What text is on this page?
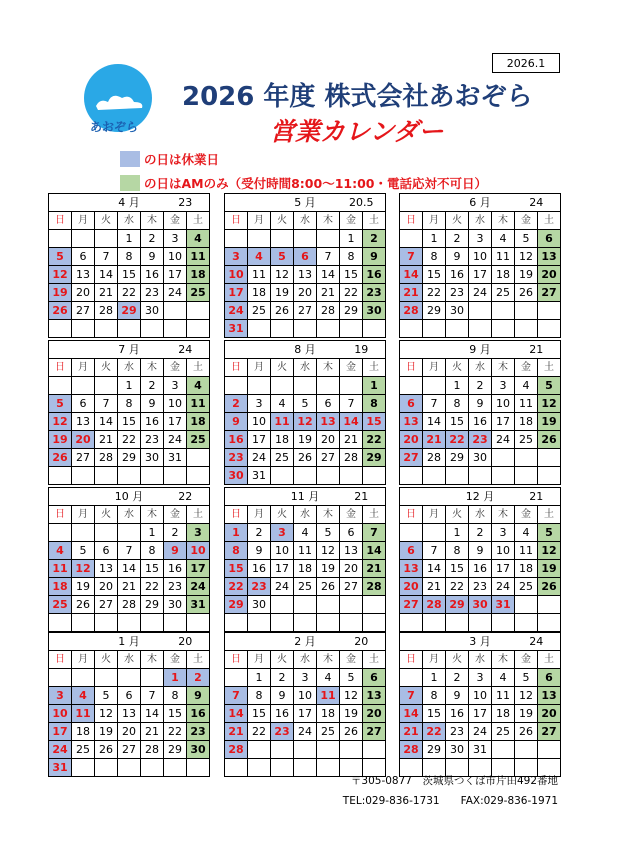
2026.1
あおぞら
2026 年度 株式会社あおぞら
営業カレンダー
の日は休業日
の日はAMのみ（受付時間8:00～11:00・電話応対不可日）
		4 月			23	
日	月	火	水	木	金	土
			1	2	3	4
5	6	7	8	9	10	11
12	13	14	15	16	17	18
19	20	21	22	23	24	25
26	27	28	29	30		

		5 月			20.5	
日	月	火	水	木	金	土
					1	2
3	4	5	6	7	8	9
10	11	12	13	14	15	16
17	18	19	20	21	22	23
24	25	26	27	28	29	30
31						
		6 月			24	
日	月	火	水	木	金	土
	1	2	3	4	5	6
7	8	9	10	11	12	13
14	15	16	17	18	19	20
21	22	23	24	25	26	27
28	29	30				

		7 月			24	
日	月	火	水	木	金	土
			1	2	3	4
5	6	7	8	9	10	11
12	13	14	15	16	17	18
19	20	21	22	23	24	25
26	27	28	29	30	31	

		8 月			19	
日	月	火	水	木	金	土
						1
2	3	4	5	6	7	8
9	10	11	12	13	14	15
16	17	18	19	20	21	22
23	24	25	26	27	28	29
30	31					
		9 月			21	
日	月	火	水	木	金	土
		1	2	3	4	5
6	7	8	9	10	11	12
13	14	15	16	17	18	19
20	21	22	23	24	25	26
27	28	29	30			

		10 月			22	
日	月	火	水	木	金	土
				1	2	3
4	5	6	7	8	9	10
11	12	13	14	15	16	17
18	19	20	21	22	23	24
25	26	27	28	29	30	31

		11 月			21	
日	月	火	水	木	金	土
1	2	3	4	5	6	7
8	9	10	11	12	13	14
15	16	17	18	19	20	21
22	23	24	25	26	27	28
29	30					

		12 月			21	
日	月	火	水	木	金	土
		1	2	3	4	5
6	7	8	9	10	11	12
13	14	15	16	17	18	19
20	21	22	23	24	25	26
27	28	29	30	31		

		1 月			20	
日	月	火	水	木	金	土
					1	2
3	4	5	6	7	8	9
10	11	12	13	14	15	16
17	18	19	20	21	22	23
24	25	26	27	28	29	30
31						
		2 月			20	
日	月	火	水	木	金	土
	1	2	3	4	5	6
7	8	9	10	11	12	13
14	15	16	17	18	19	20
21	22	23	24	25	26	27
28						

		3 月			24	
日	月	火	水	木	金	土
	1	2	3	4	5	6
7	8	9	10	11	12	13
14	15	16	17	18	19	20
21	22	23	24	25	26	27
28	29	30	31			

〒305-0877　茨城県つくば市片田492番地
TEL:029-836-1731　　 FAX:029-836-1971
